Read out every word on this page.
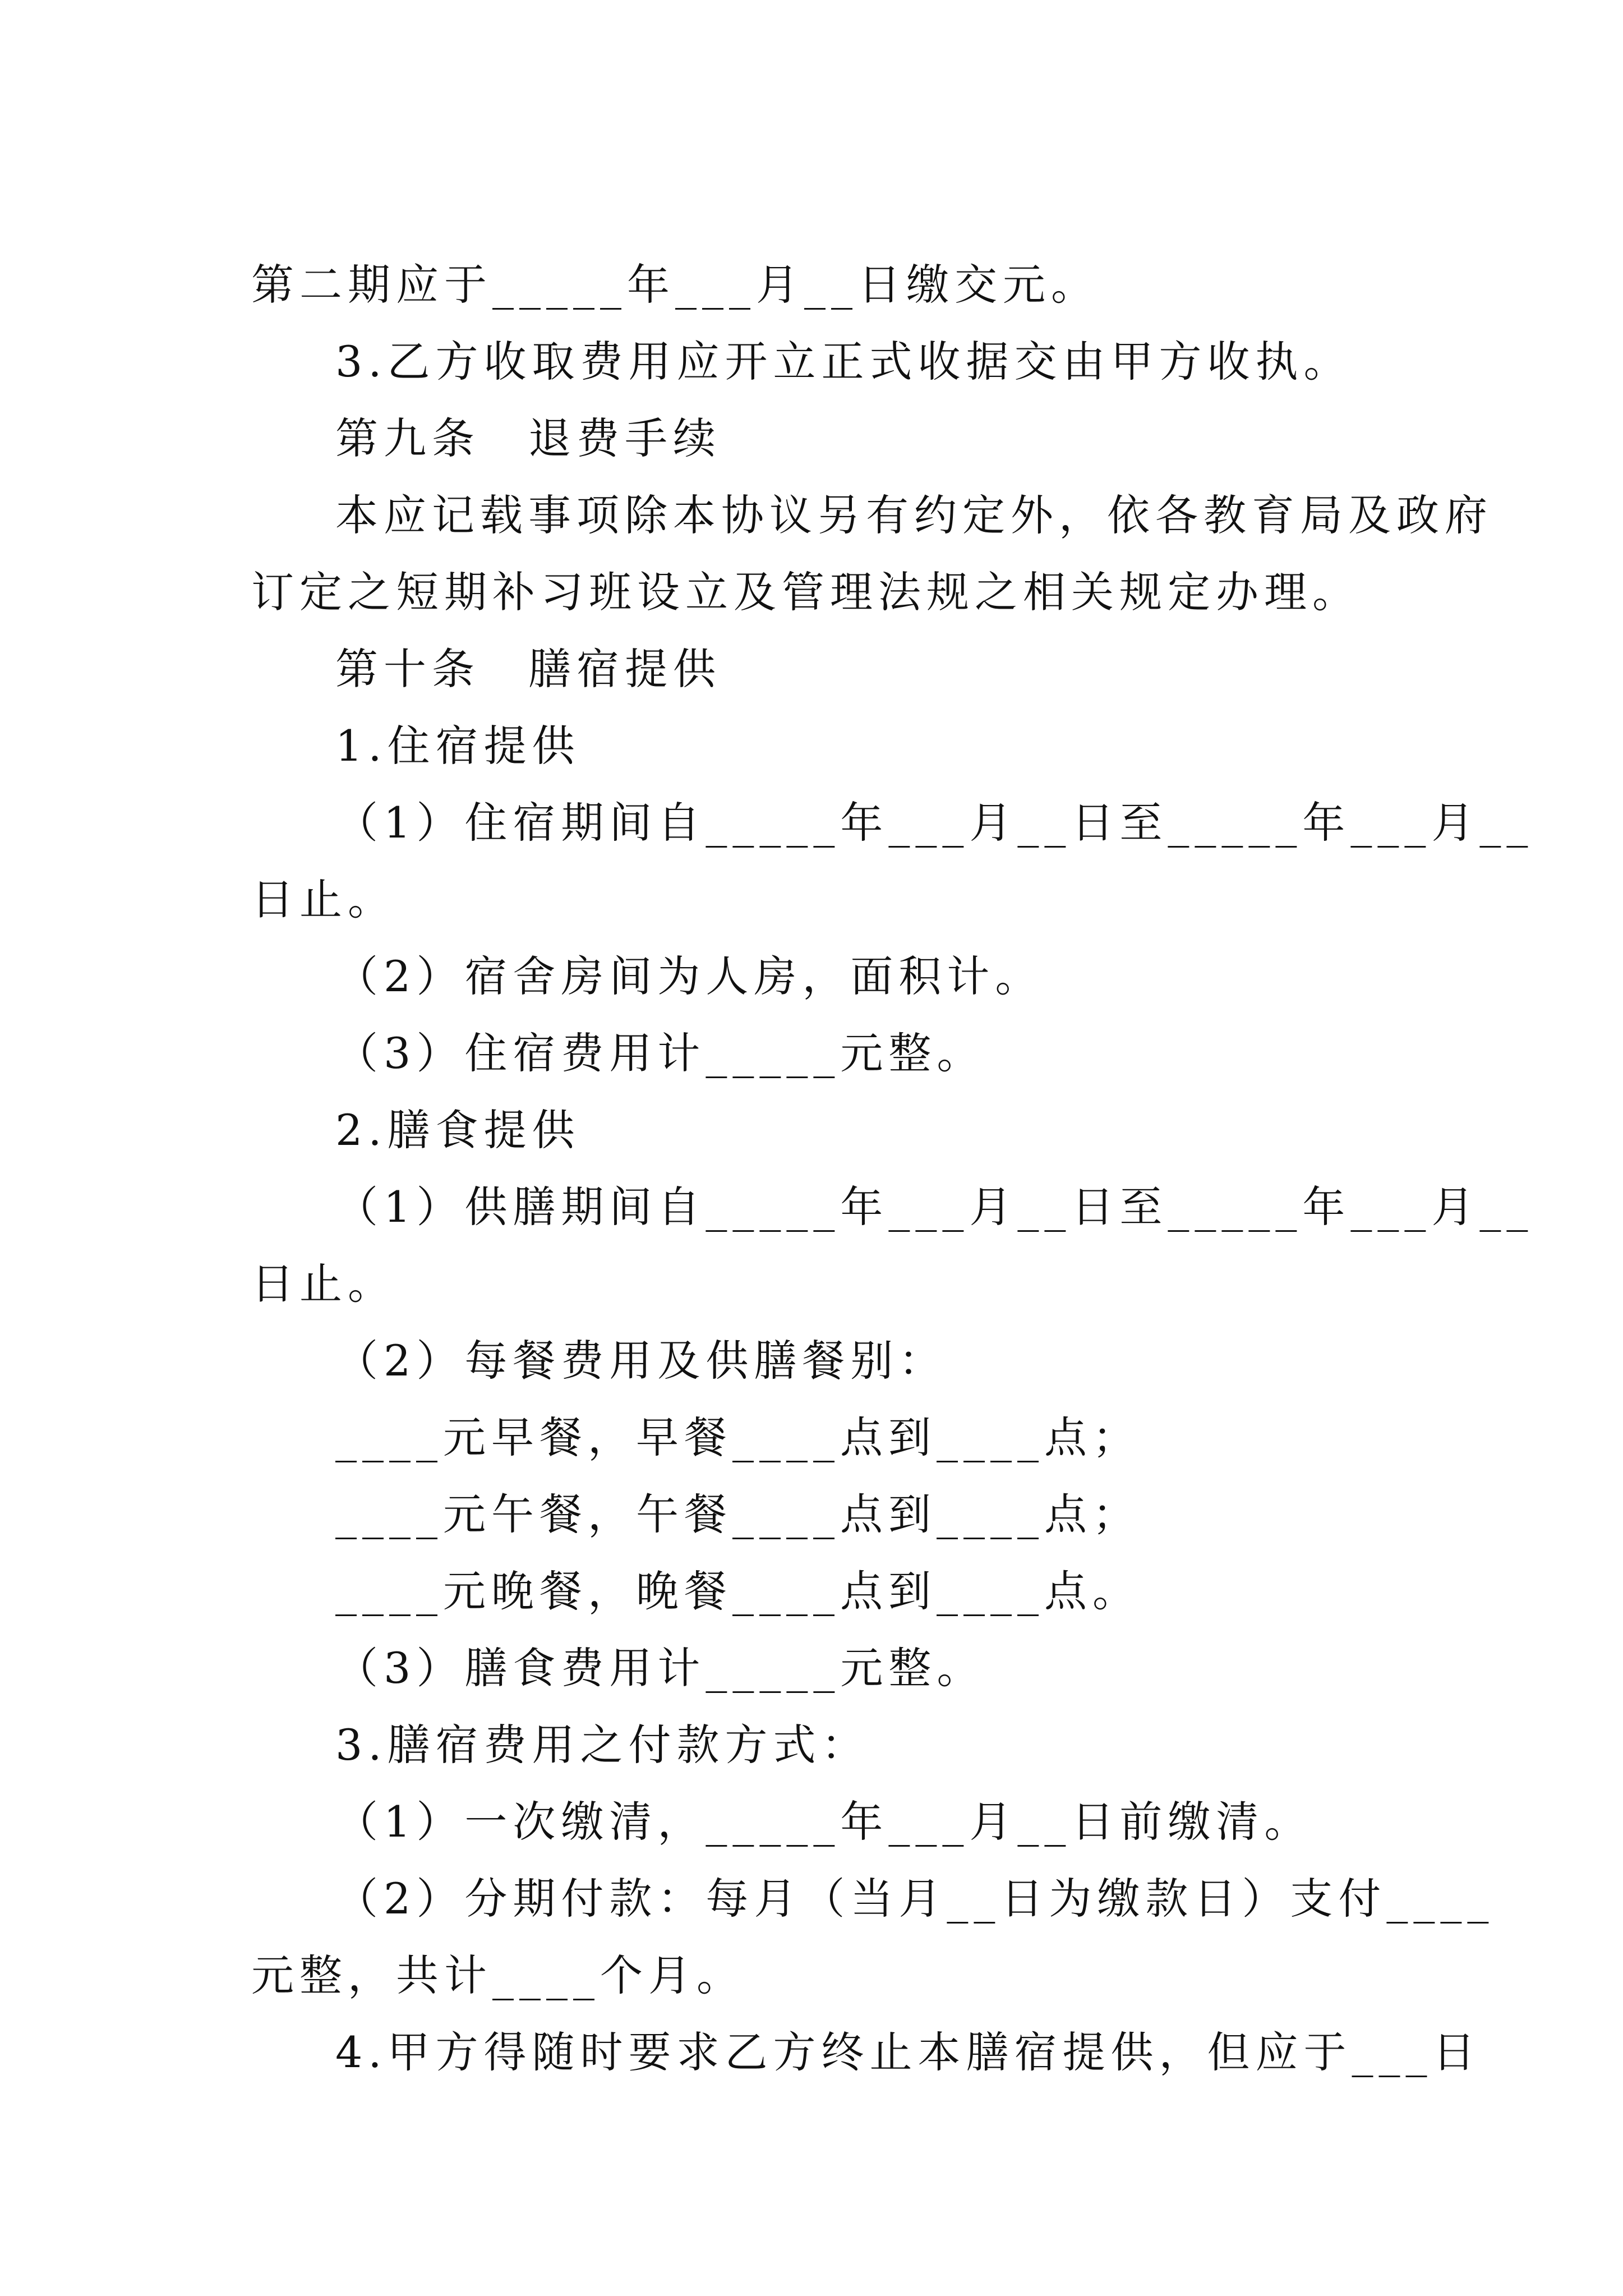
第二期应于_____年___月__日缴交元。

3.乙方收取费用应开立正式收据交由甲方收执。

第九条　退费手续

本应记载事项除本协议另有约定外，依各教育局及政府

订定之短期补习班设立及管理法规之相关规定办理。

第十条　膳宿提供

1.住宿提供

（1）住宿期间自_____年___月__日至_____年___月__

日止。

（2）宿舍房间为人房，面积计。

（3）住宿费用计_____元整。

2.膳食提供

（1）供膳期间自_____年___月__日至_____年___月__

日止。

（2）每餐费用及供膳餐别：

____元早餐，早餐____点到____点；

____元午餐，午餐____点到____点；

____元晚餐，晚餐____点到____点。

（3）膳食费用计_____元整。

3.膳宿费用之付款方式：

（1）一次缴清，_____年___月__日前缴清。

（2）分期付款：每月（当月__日为缴款日）支付____

元整，共计____个月。

4.甲方得随时要求乙方终止本膳宿提供，但应于___日
